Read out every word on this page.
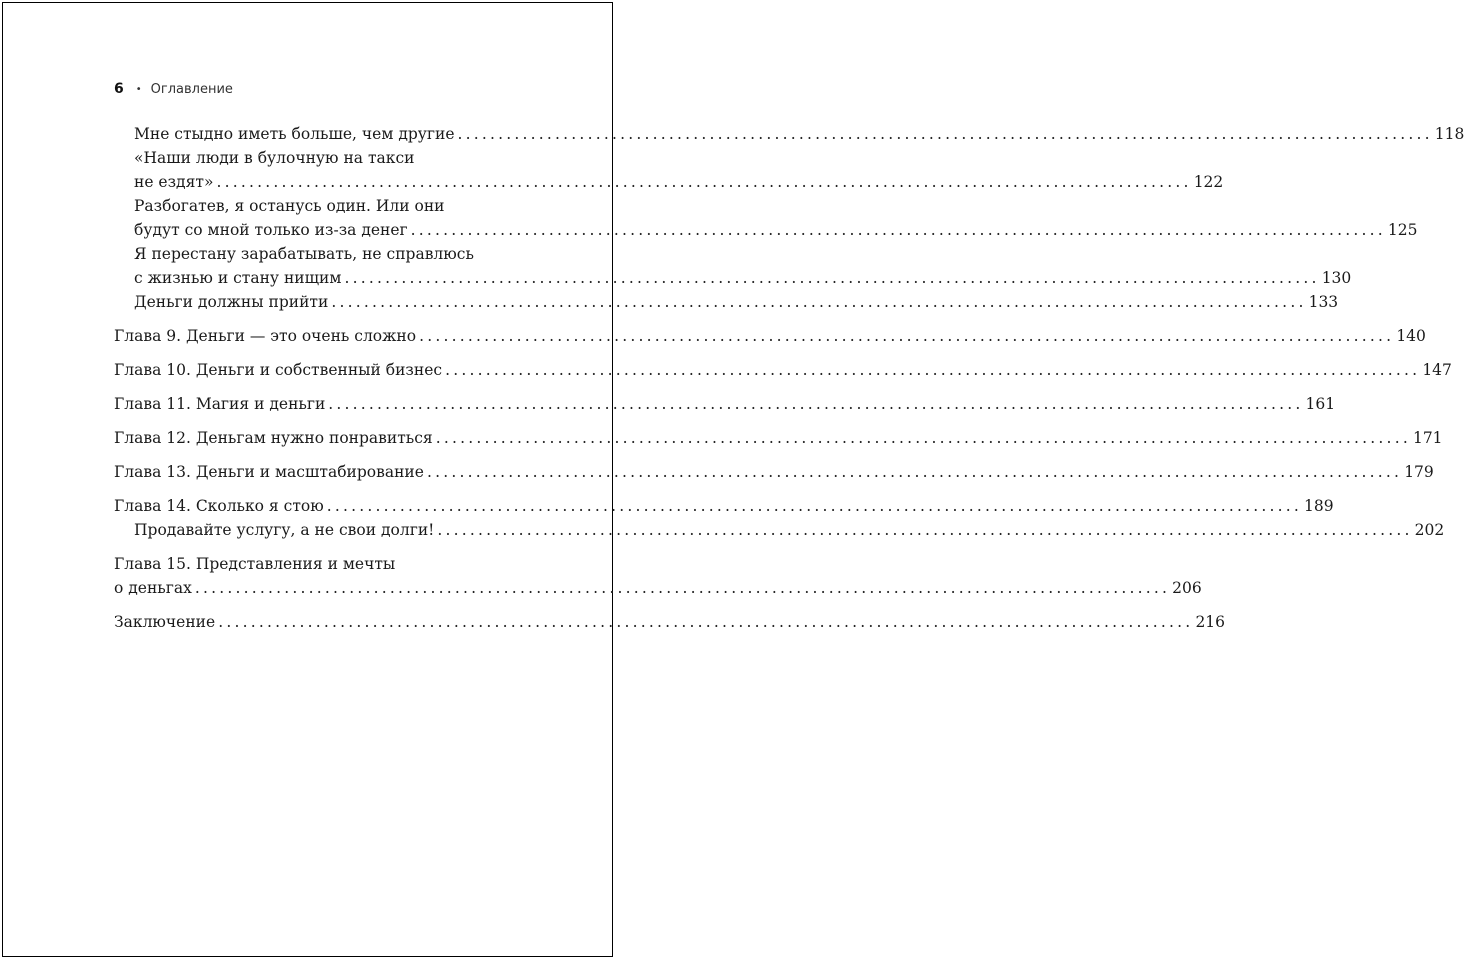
6 • Оглавление
Мне стыдно иметь больше, чем другие ........................................................................................................................ 118
«Наши люди в булочную на такси
не ездят» ........................................................................................................................ 122
Разбогатев, я останусь один. Или они
будут со мной только из-за денег ........................................................................................................................ 125
Я перестану зарабатывать, не справлюсь
с жизнью и стану нищим ........................................................................................................................ 130
Деньги должны прийти ........................................................................................................................ 133
Глава 9. Деньги — это очень сложно ........................................................................................................................ 140
Глава 10. Деньги и собственный бизнес ........................................................................................................................ 147
Глава 11. Магия и деньги ........................................................................................................................ 161
Глава 12. Деньгам нужно понравиться ........................................................................................................................ 171
Глава 13. Деньги и масштабирование ........................................................................................................................ 179
Глава 14. Сколько я стою ........................................................................................................................ 189
Продавайте услугу, а не свои долги! ........................................................................................................................ 202
Глава 15. Представления и мечты
о деньгах ........................................................................................................................ 206
Заключение ........................................................................................................................ 216
